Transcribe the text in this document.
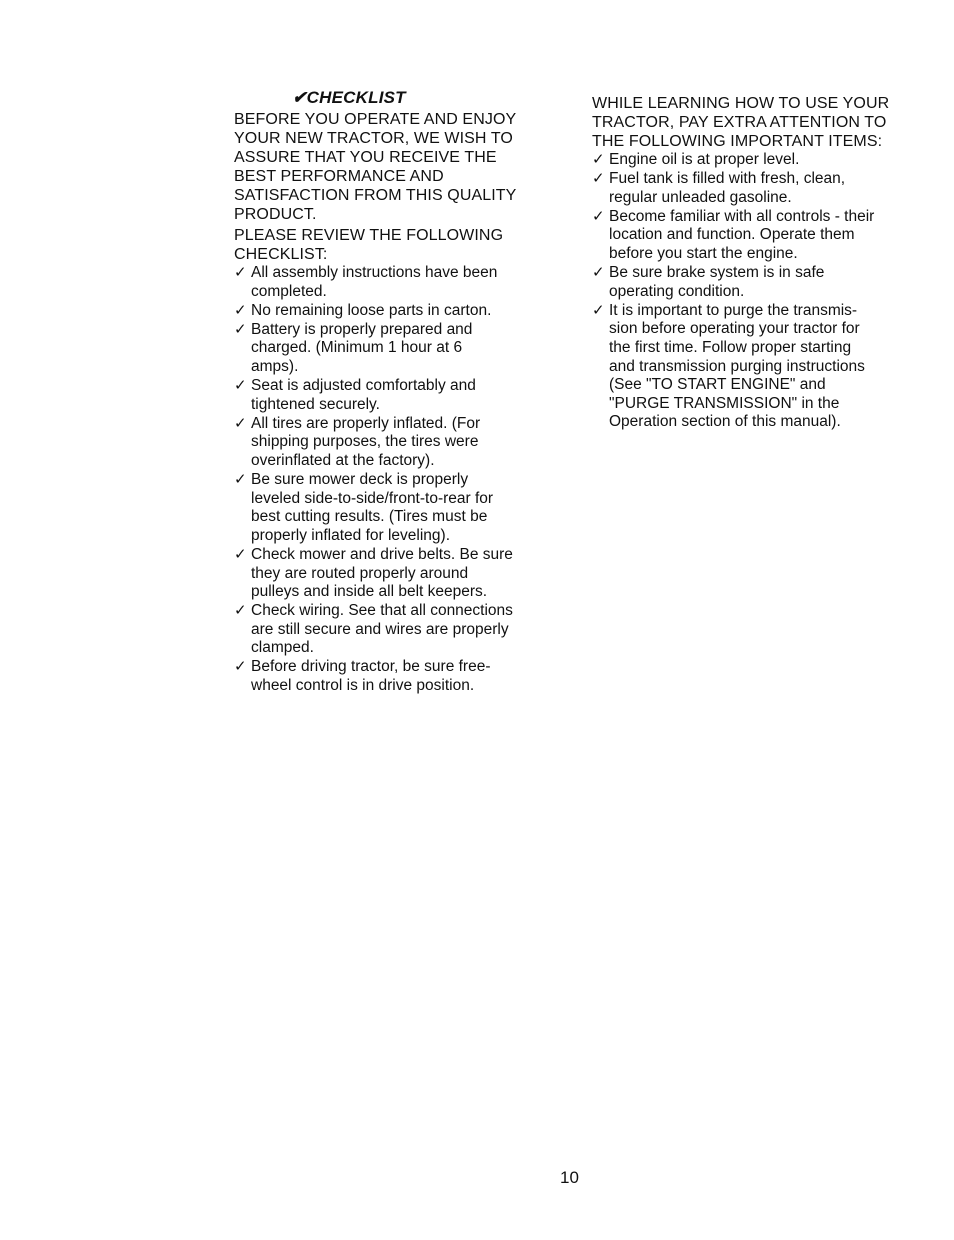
✔CHECKLIST

BEFORE YOU OPERATE AND ENJOY
YOUR NEW TRACTOR, WE WISH TO
ASSURE THAT YOU RECEIVE THE
BEST PERFORMANCE AND
SATISFACTION FROM THIS QUALITY
PRODUCT.

PLEASE REVIEW THE FOLLOWING
CHECKLIST:

✓ All assembly instructions have been
completed.
✓ No remaining loose parts in carton.
✓ Battery is properly prepared and
charged. (Minimum 1 hour at 6
amps).
✓ Seat is adjusted comfortably and
tightened securely.
✓ All tires are properly inflated. (For
shipping purposes, the tires were
overinflated at the factory).
✓ Be sure mower deck is properly
leveled side-to-side/front-to-rear for
best cutting results. (Tires must be
properly inflated for leveling).
✓ Check mower and drive belts. Be sure
they are routed properly around
pulleys and inside all belt keepers.
✓ Check wiring. See that all connections
are still secure and wires are properly
clamped.
✓ Before driving tractor, be sure free-
wheel control is in drive position.

WHILE LEARNING HOW TO USE YOUR
TRACTOR, PAY EXTRA ATTENTION TO
THE FOLLOWING IMPORTANT ITEMS:

✓ Engine oil is at proper level.
✓ Fuel tank is filled with fresh, clean,
regular unleaded gasoline.
✓ Become familiar with all controls - their
location and function. Operate them
before you start the engine.
✓ Be sure brake system is in safe
operating condition.
✓ It is important to purge the transmis-
sion before operating your tractor for
the first time. Follow proper starting
and transmission purging instructions
(See "TO START ENGINE" and
"PURGE TRANSMISSION" in the
Operation section of this manual).
10
